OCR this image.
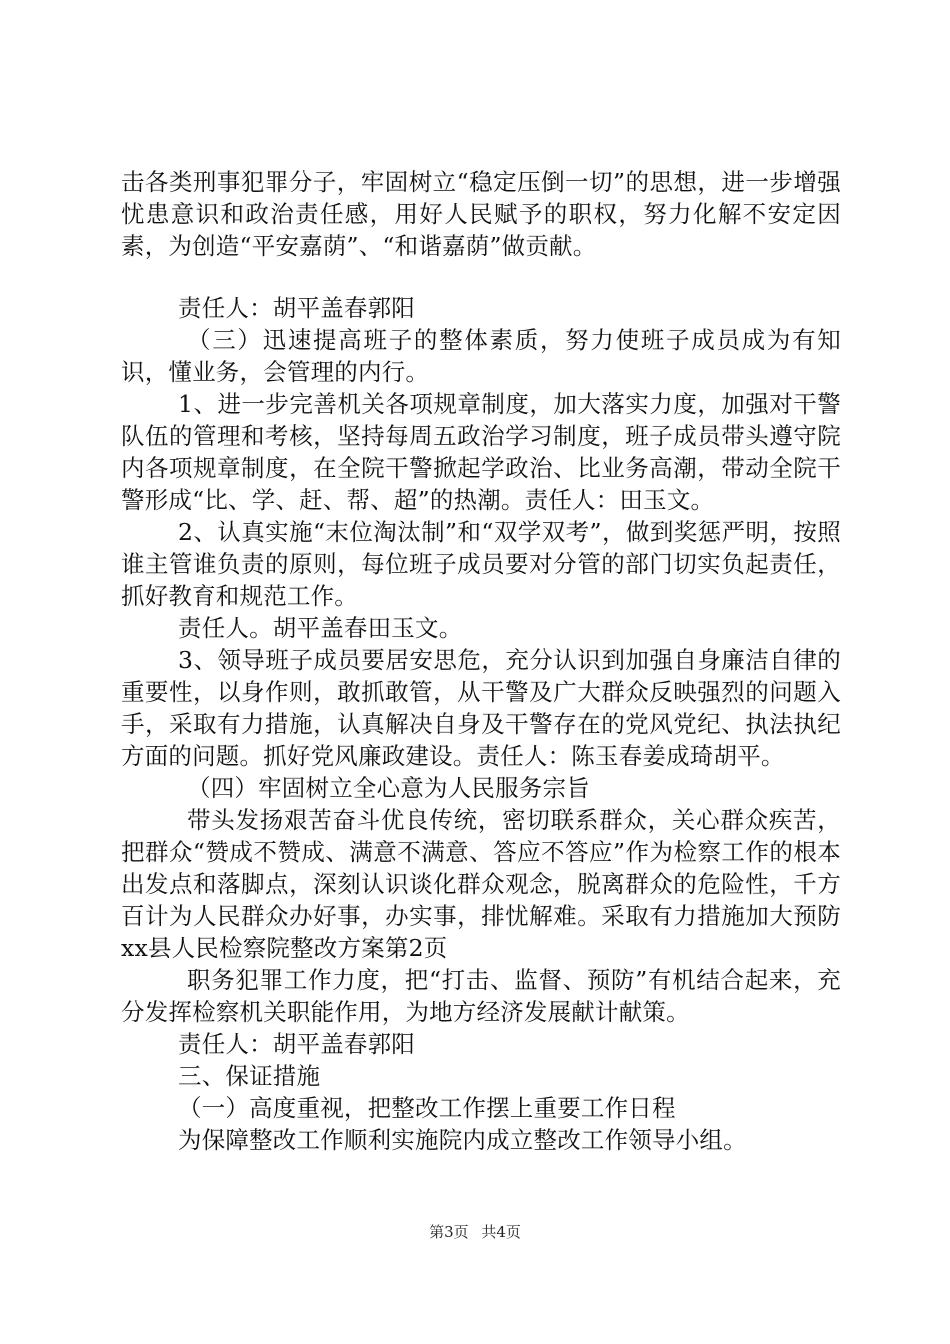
击各类刑事犯罪分子，牢固树立“稳定压倒一切”的思想，进一步增强忧患意识和政治责任感，用好人民赋予的职权，努力化解不安定因素，为创造“平安嘉荫”、“和谐嘉荫”做贡献。

责任人：胡平盖春郭阳

（三）迅速提高班子的整体素质，努力使班子成员成为有知识，懂业务，会管理的内行。

1、进一步完善机关各项规章制度，加大落实力度，加强对干警队伍的管理和考核，坚持每周五政治学习制度，班子成员带头遵守院内各项规章制度，在全院干警掀起学政治、比业务高潮，带动全院干警形成“比、学、赶、帮、超”的热潮。责任人：田玉文。

2、认真实施“末位淘汰制”和“双学双考”，做到奖惩严明，按照谁主管谁负责的原则，每位班子成员要对分管的部门切实负起责任，抓好教育和规范工作。

责任人。胡平盖春田玉文。

3、领导班子成员要居安思危，充分认识到加强自身廉洁自律的重要性，以身作则，敢抓敢管，从干警及广大群众反映强烈的问题入手，采取有力措施，认真解决自身及干警存在的党风党纪、执法执纪方面的问题。抓好党风廉政建设。责任人：陈玉春姜成琦胡平。

（四）牢固树立全心意为人民服务宗旨

带头发扬艰苦奋斗优良传统，密切联系群众，关心群众疾苦，把群众“赞成不赞成、满意不满意、答应不答应”作为检察工作的根本出发点和落脚点，深刻认识谈化群众观念，脱离群众的危险性，千方百计为人民群众办好事，办实事，排忧解难。采取有力措施加大预防xx县人民检察院整改方案第2页

职务犯罪工作力度，把“打击、监督、预防”有机结合起来，充分发挥检察机关职能作用，为地方经济发展献计献策。

责任人：胡平盖春郭阳

三、保证措施

（一）高度重视，把整改工作摆上重要工作日程

为保障整改工作顺利实施院内成立整改工作领导小组。

第3页 共4页
